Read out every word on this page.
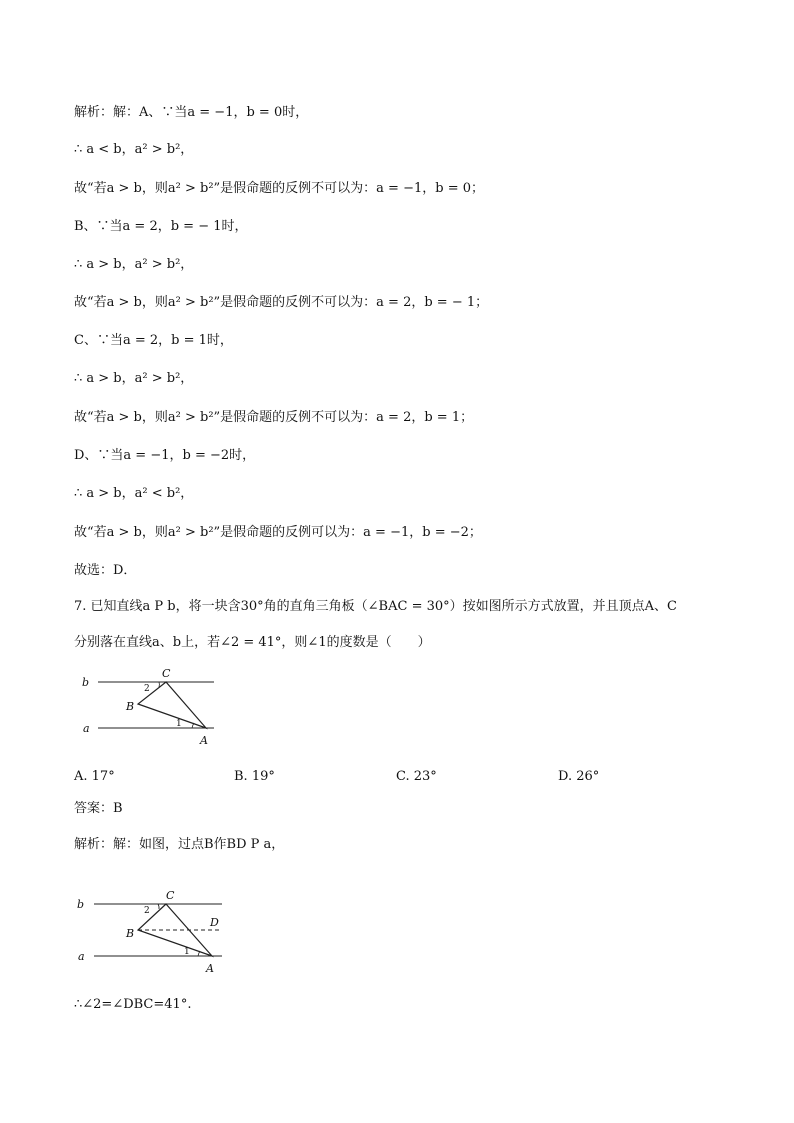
解析：解：A、∵当a = −1，b = 0时，
∴ a < b，a² > b²，
故“若a > b，则a² > b²”是假命题的反例不可以为：a = −1，b = 0；
B、∵当a = 2，b = − 1时，
∴ a > b，a² > b²，
故“若a > b，则a² > b²”是假命题的反例不可以为：a = 2，b = − 1；
C、∵当a = 2，b = 1时，
∴ a > b，a² > b²，
故“若a > b，则a² > b²”是假命题的反例不可以为：a = 2，b = 1；
D、∵当a = −1，b = −2时，
∴ a > b，a² < b²，
故“若a > b，则a² > b²”是假命题的反例可以为：a = −1，b = −2；
故选：D．
7. 已知直线a P b，将一块含30°角的直角三角板（∠BAC = 30°）按如图所示方式放置，并且顶点A、C
分别落在直线a、b上，若∠2 = 41°，则∠1的度数是（　　）
b
a
C
B
A
2
1
A. 17°	B. 19°	C. 23°	D. 26°
答案：B
解析：解：如图，过点B作BD P a，
b
a
C
B
A
D
2
1
∴∠2=∠DBC=41°.
